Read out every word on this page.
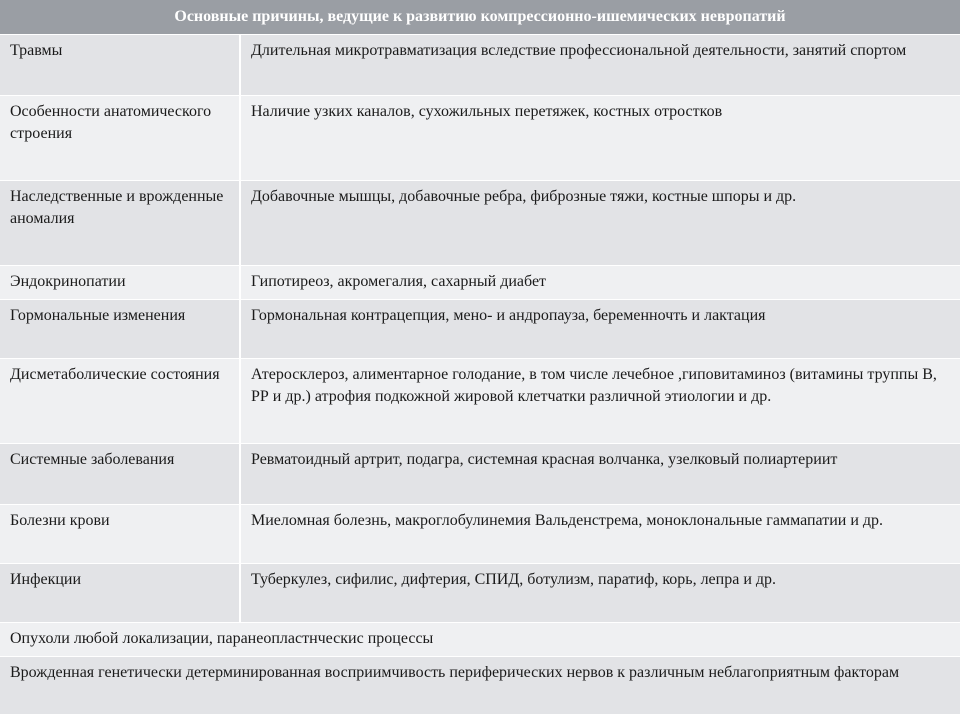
Основные причины, ведущие к развитию компрессионно-ишемических невропатий	
Травмы	Длительная микротравматизация вследствие профессиональной деятельности, занятий спортом
Особенности анатомического строения	Наличие узких каналов, сухожильных перетяжек, костных отростков
Наследственные и врожденные аномалия	Добавочные мышцы, добавочные ребра, фиброзные тяжи, костные шпоры и др.
Эндокринопатии	Гипотиреоз, акромегалия, сахарный диабет
Гормональные изменения	Гормональная контрацепция, мено- и андропауза, беременночть и лактация
Дисметаболические состояния	Атеросклероз, алиментарное голодание, в том числе лечебное ,гиповитаминоз (витамины труппы В, РР и др.) атрофия подкожной жировой клетчатки различной этиологии и др.
Системные заболевания	Ревматоидный артрит, подагра, системная красная волчанка, узелковый полиартериит
Болезни крови	Миеломная болезнь, макроглобулинемия Вальденстрема, моноклональные гаммапатии и др.
Инфекции	Туберкулез, сифилис, дифтерия, СПИД, ботулизм, паратиф, корь, лепра и др.
Опухоли любой локализации, паранеопластнческис процессы	
Врожденная генетически детерминированная восприимчивость периферических нервов к различным неблагоприятным факторам	
